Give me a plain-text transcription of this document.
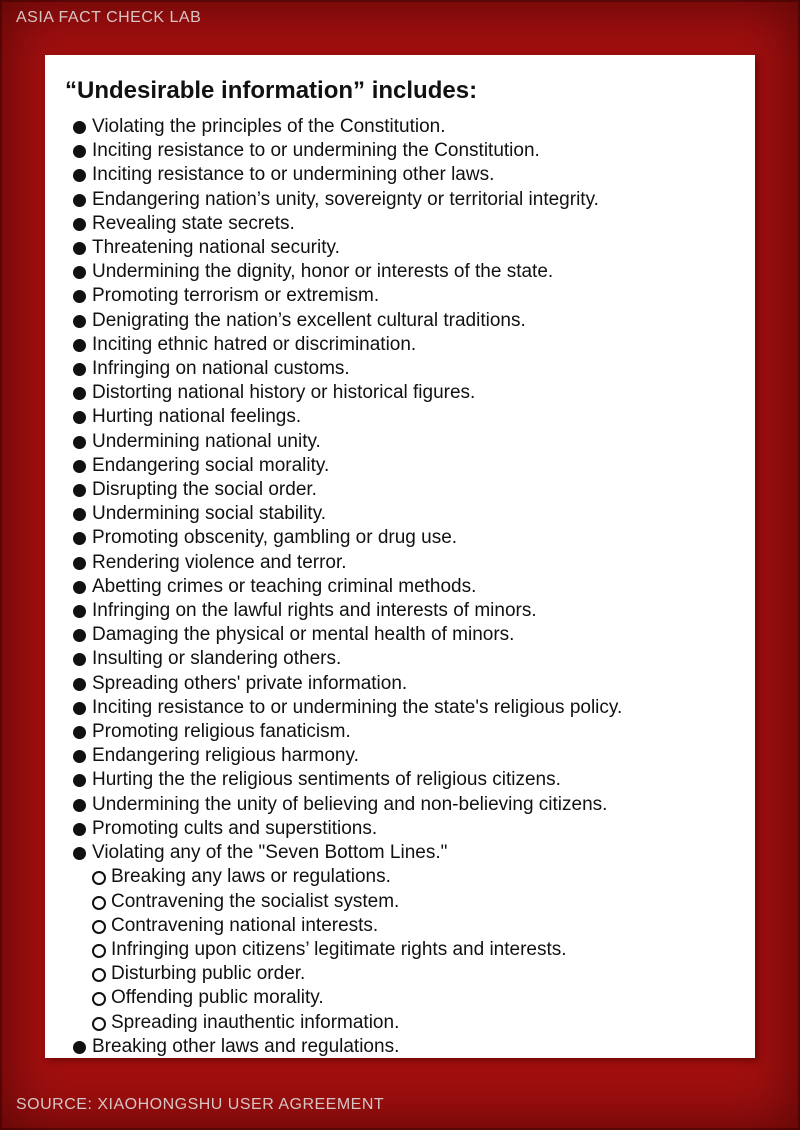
ASIA FACT CHECK LAB
“Undesirable information” includes:
Violating the principles of the Constitution.
Inciting resistance to or undermining the Constitution.
Inciting resistance to or undermining other laws.
Endangering nation’s unity, sovereignty or territorial integrity.
Revealing state secrets.
Threatening national security.
Undermining the dignity, honor or interests of the state.
Promoting terrorism or extremism.
Denigrating the nation’s excellent cultural traditions.
Inciting ethnic hatred or discrimination.
Infringing on national customs.
Distorting national history or historical figures.
Hurting national feelings.
Undermining national unity.
Endangering social morality.
Disrupting the social order.
Undermining social stability.
Promoting obscenity, gambling or drug use.
Rendering violence and terror.
Abetting crimes or teaching criminal methods.
Infringing on the lawful rights and interests of minors.
Damaging the physical or mental health of minors.
Insulting or slandering others.
Spreading others' private information.
Inciting resistance to or undermining the state's religious policy.
Promoting religious fanaticism.
Endangering religious harmony.
Hurting the the religious sentiments of religious citizens.
Undermining the unity of believing and non-believing citizens.
Promoting cults and superstitions.
Violating any of the "Seven Bottom Lines."
Breaking any laws or regulations.
Contravening the socialist system.
Contravening national interests.
Infringing upon citizens’ legitimate rights and interests.
Disturbing public order.
Offending public morality.
Spreading inauthentic information.
Breaking other laws and regulations.
SOURCE: XIAOHONGSHU USER AGREEMENT
